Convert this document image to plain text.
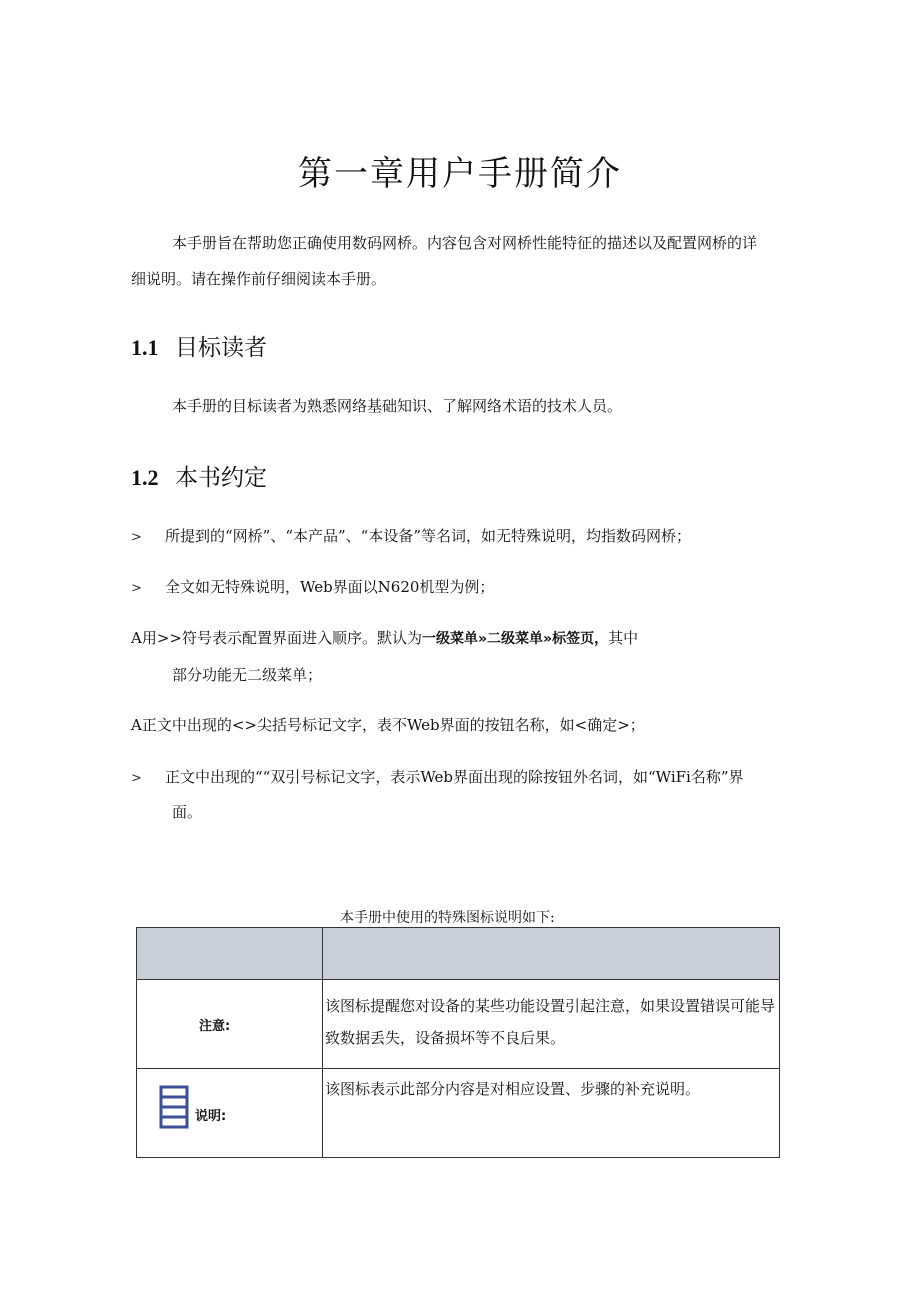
第一章用户手册简介
本手册旨在帮助您正确使用数码网桥。内容包含对网桥性能特征的描述以及配置网桥的详
细说明。请在操作前仔细阅读本手册。
1.1 目标读者
本手册的目标读者为熟悉网络基础知识、了解网络术语的技术人员。
1.2 本书约定
> 所提到的“网桥”、“本产品”、“本设备”等名词，如无特殊说明，均指数码网桥；
> 全文如无特殊说明，Web界面以N620机型为例；
A用>>符号表示配置界面进入顺序。默认为一级菜单»二级菜单»标签页，其中
部分功能无二级菜单；
A正文中出现的<>尖括号标记文字，表不Web界面的按钮名称，如<确定>；
> 正文中出现的““双引号标记文字，表示Web界面出现的除按钮外名词，如“WiFi名称”界
面。
本手册中使用的特殊图标说明如下:

注意:	该图标提醒您对设备的某些功能设置引起注意，如果设置错误可能导致数据丢失，设备损坏等不良后果。

说明:	该图标表示此部分内容是对相应设置、步骤的补充说明。
